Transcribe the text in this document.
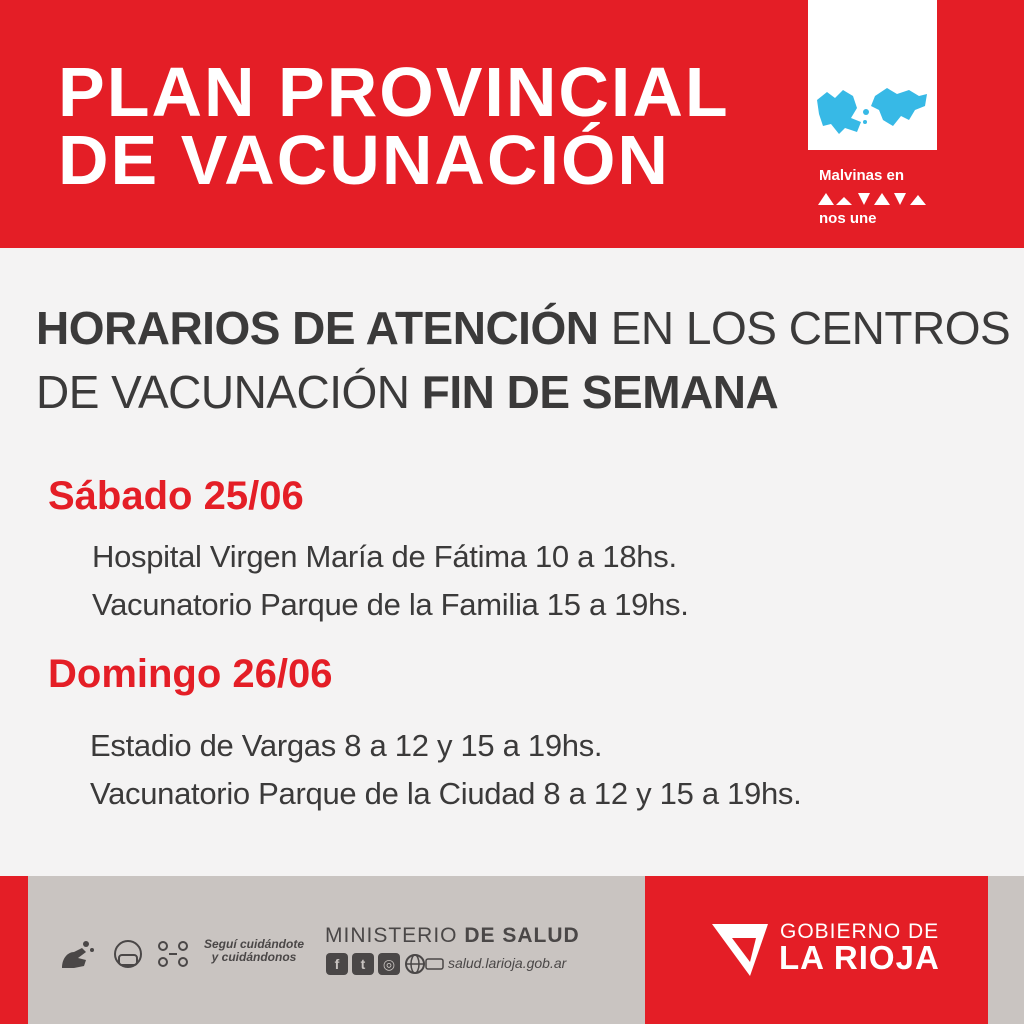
PLAN PROVINCIAL
DE VACUNACIÓN	Malvinas en
nos une
HORARIOS DE ATENCIÓN EN LOS CENTROS
DE VACUNACIÓN FIN DE SEMANA
Sábado 25/06
Hospital Virgen María de Fátima 10 a 18hs.
Vacunatorio Parque de la Familia 15 a 19hs.
Domingo 26/06
Estadio de Vargas 8 a 12 y 15 a 19hs.
Vacunatorio Parque de la Ciudad 8 a 12 y 15 a 19hs.
Seguí cuidándote
y cuidándonos
MINISTERIO DE SALUD
f	t	◎	salud.larioja.gob.ar
GOBIERNO DE
LA RIOJA
